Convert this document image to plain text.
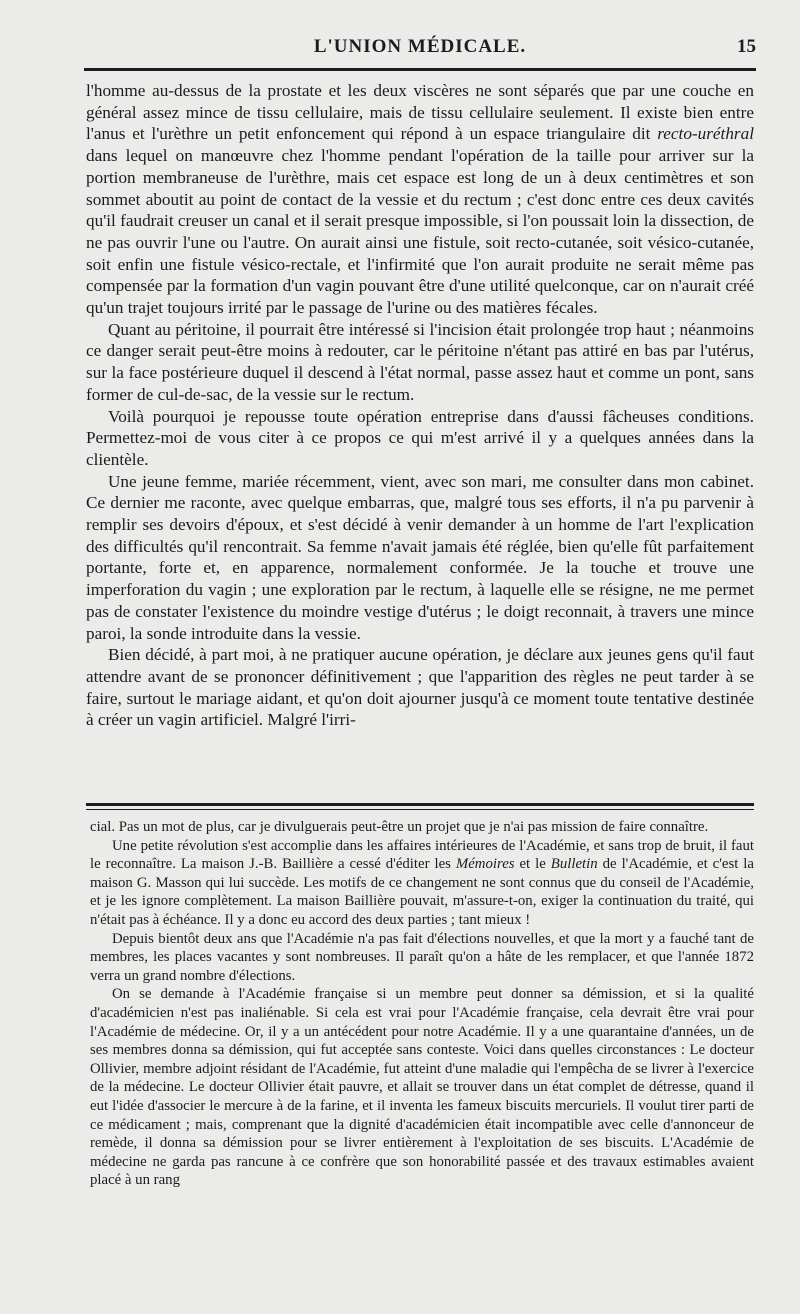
L'UNION MÉDICALE.	15

l'homme au-dessus de la prostate et les deux viscères ne sont séparés que par une couche en général assez mince de tissu cellulaire, mais de tissu cellulaire seulement. Il existe bien entre l'anus et l'urèthre un petit enfoncement qui répond à un espace triangulaire dit recto-uréthral dans lequel on manœuvre chez l'homme pendant l'opération de la taille pour arriver sur la portion membraneuse de l'urèthre, mais cet espace est long de un à deux centimètres et son sommet aboutit au point de contact de la vessie et du rectum ; c'est donc entre ces deux cavités qu'il faudrait creuser un canal et il serait presque impossible, si l'on poussait loin la dissection, de ne pas ouvrir l'une ou l'autre. On aurait ainsi une fistule, soit recto-cutanée, soit vésico-cutanée, soit enfin une fistule vésico-rectale, et l'infirmité que l'on aurait produite ne serait même pas compensée par la formation d'un vagin pouvant être d'une utilité quelconque, car on n'aurait créé qu'un trajet toujours irrité par le passage de l'urine ou des matières fécales.

Quant au péritoine, il pourrait être intéressé si l'incision était prolongée trop haut ; néanmoins ce danger serait peut-être moins à redouter, car le péritoine n'étant pas attiré en bas par l'utérus, sur la face postérieure duquel il descend à l'état normal, passe assez haut et comme un pont, sans former de cul-de-sac, de la vessie sur le rectum.

Voilà pourquoi je repousse toute opération entreprise dans d'aussi fâcheuses conditions. Permettez-moi de vous citer à ce propos ce qui m'est arrivé il y a quelques années dans la clientèle.

Une jeune femme, mariée récemment, vient, avec son mari, me consulter dans mon cabinet. Ce dernier me raconte, avec quelque embarras, que, malgré tous ses efforts, il n'a pu parvenir à remplir ses devoirs d'époux, et s'est décidé à venir demander à un homme de l'art l'explication des difficultés qu'il rencontrait. Sa femme n'avait jamais été réglée, bien qu'elle fût parfaitement portante, forte et, en apparence, normalement conformée. Je la touche et trouve une imperforation du vagin ; une exploration par le rectum, à laquelle elle se résigne, ne me permet pas de constater l'existence du moindre vestige d'utérus ; le doigt reconnait, à travers une mince paroi, la sonde introduite dans la vessie.

Bien décidé, à part moi, à ne pratiquer aucune opération, je déclare aux jeunes gens qu'il faut attendre avant de se prononcer définitivement ; que l'apparition des règles ne peut tarder à se faire, surtout le mariage aidant, et qu'on doit ajourner jusqu'à ce moment toute tentative destinée à créer un vagin artificiel. Malgré l'irri-

cial. Pas un mot de plus, car je divulguerais peut-être un projet que je n'ai pas mission de faire connaître.

Une petite révolution s'est accomplie dans les affaires intérieures de l'Académie, et sans trop de bruit, il faut le reconnaître. La maison J.-B. Baillière a cessé d'éditer les Mémoires et le Bulletin de l'Académie, et c'est la maison G. Masson qui lui succède. Les motifs de ce changement ne sont connus que du conseil de l'Académie, et je les ignore complètement. La maison Baillière pouvait, m'assure-t-on, exiger la continuation du traité, qui n'était pas à échéance. Il y a donc eu accord des deux parties ; tant mieux !

Depuis bientôt deux ans que l'Académie n'a pas fait d'élections nouvelles, et que la mort y a fauché tant de membres, les places vacantes y sont nombreuses. Il paraît qu'on a hâte de les remplacer, et que l'année 1872 verra un grand nombre d'élections.

On se demande à l'Académie française si un membre peut donner sa démission, et si la qualité d'académicien n'est pas inaliénable. Si cela est vrai pour l'Académie française, cela devrait être vrai pour l'Académie de médecine. Or, il y a un antécédent pour notre Académie. Il y a une quarantaine d'années, un de ses membres donna sa démission, qui fut acceptée sans conteste. Voici dans quelles circonstances : Le docteur Ollivier, membre adjoint résidant de l'Académie, fut atteint d'une maladie qui l'empêcha de se livrer à l'exercice de la médecine. Le docteur Ollivier était pauvre, et allait se trouver dans un état complet de détresse, quand il eut l'idée d'associer le mercure à de la farine, et il inventa les fameux biscuits mercuriels. Il voulut tirer parti de ce médicament ; mais, comprenant que la dignité d'académicien était incompatible avec celle d'annonceur de remède, il donna sa démission pour se livrer entièrement à l'exploitation de ses biscuits. L'Académie de médecine ne garda pas rancune à ce confrère que son honorabilité passée et des travaux estimables avaient placé à un rang
